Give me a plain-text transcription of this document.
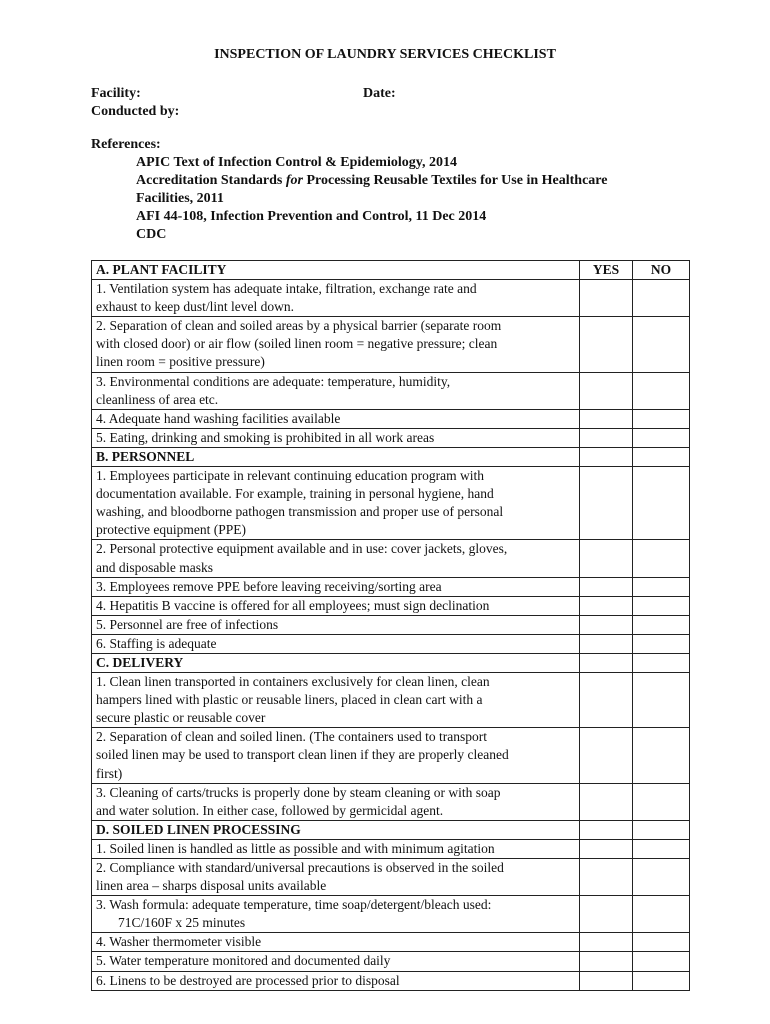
INSPECTION OF LAUNDRY SERVICES CHECKLIST
Facility:	Date:
Conducted by:
References:
APIC Text of Infection Control & Epidemiology, 2014
Accreditation Standards for Processing Reusable Textiles for Use in Healthcare
Facilities, 2011
AFI 44-108, Infection Prevention and Control, 11 Dec 2014
CDC
A. PLANT FACILITY	YES	NO

1. Ventilation system has adequate intake, filtration, exchange rate and
exhaust to keep dust/lint level down.		

2. Separation of clean and soiled areas by a physical barrier (separate room
with closed door) or air flow (soiled linen room = negative pressure; clean
linen room = positive pressure)		

3. Environmental conditions are adequate: temperature, humidity,
cleanliness of area etc.		

4. Adequate hand washing facilities available		

5. Eating, drinking and smoking is prohibited in all work areas		

B. PERSONNEL		

1. Employees participate in relevant continuing education program with
documentation available. For example, training in personal hygiene, hand
washing, and bloodborne pathogen transmission and proper use of personal
protective equipment (PPE)		

2. Personal protective equipment available and in use: cover jackets, gloves,
and disposable masks		

3. Employees remove PPE before leaving receiving/sorting area		

4. Hepatitis B vaccine is offered for all employees; must sign declination		

5. Personnel are free of infections		

6. Staffing is adequate		

C. DELIVERY		

1. Clean linen transported in containers exclusively for clean linen, clean
hampers lined with plastic or reusable liners, placed in clean cart with a
secure plastic or reusable cover		

2. Separation of clean and soiled linen. (The containers used to transport
soiled linen may be used to transport clean linen if they are properly cleaned
first)		

3. Cleaning of carts/trucks is properly done by steam cleaning or with soap
and water solution. In either case, followed by germicidal agent.		

D. SOILED LINEN PROCESSING		

1. Soiled linen is handled as little as possible and with minimum agitation		

2. Compliance with standard/universal precautions is observed in the soiled
linen area – sharps disposal units available		

3. Wash formula: adequate temperature, time soap/detergent/bleach used:
71C/160F x 25 minutes		

4. Washer thermometer visible		

5. Water temperature monitored and documented daily		

6. Linens to be destroyed are processed prior to disposal		
